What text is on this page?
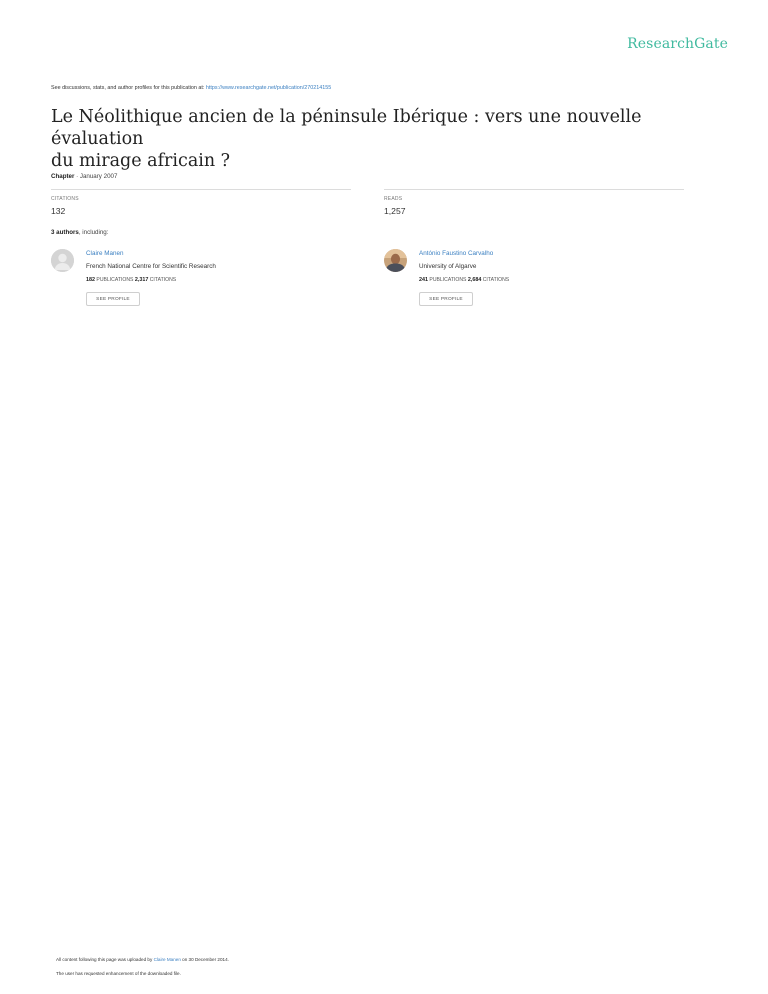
ResearchGate
See discussions, stats, and author profiles for this publication at: https://www.researchgate.net/publication/270214155
Le Néolithique ancien de la péninsule Ibérique : vers une nouvelle évaluation
du mirage africain ?
Chapter · January 2007
CITATIONS
132
READS
1,257
3 authors, including:
Claire Manen
French National Centre for Scientific Research
182 PUBLICATIONS 2,317 CITATIONS
SEE PROFILE
António Faustino Carvalho
University of Algarve
241 PUBLICATIONS 2,684 CITATIONS
SEE PROFILE
All content following this page was uploaded by Claire Manen on 30 December 2014.
The user has requested enhancement of the downloaded file.
